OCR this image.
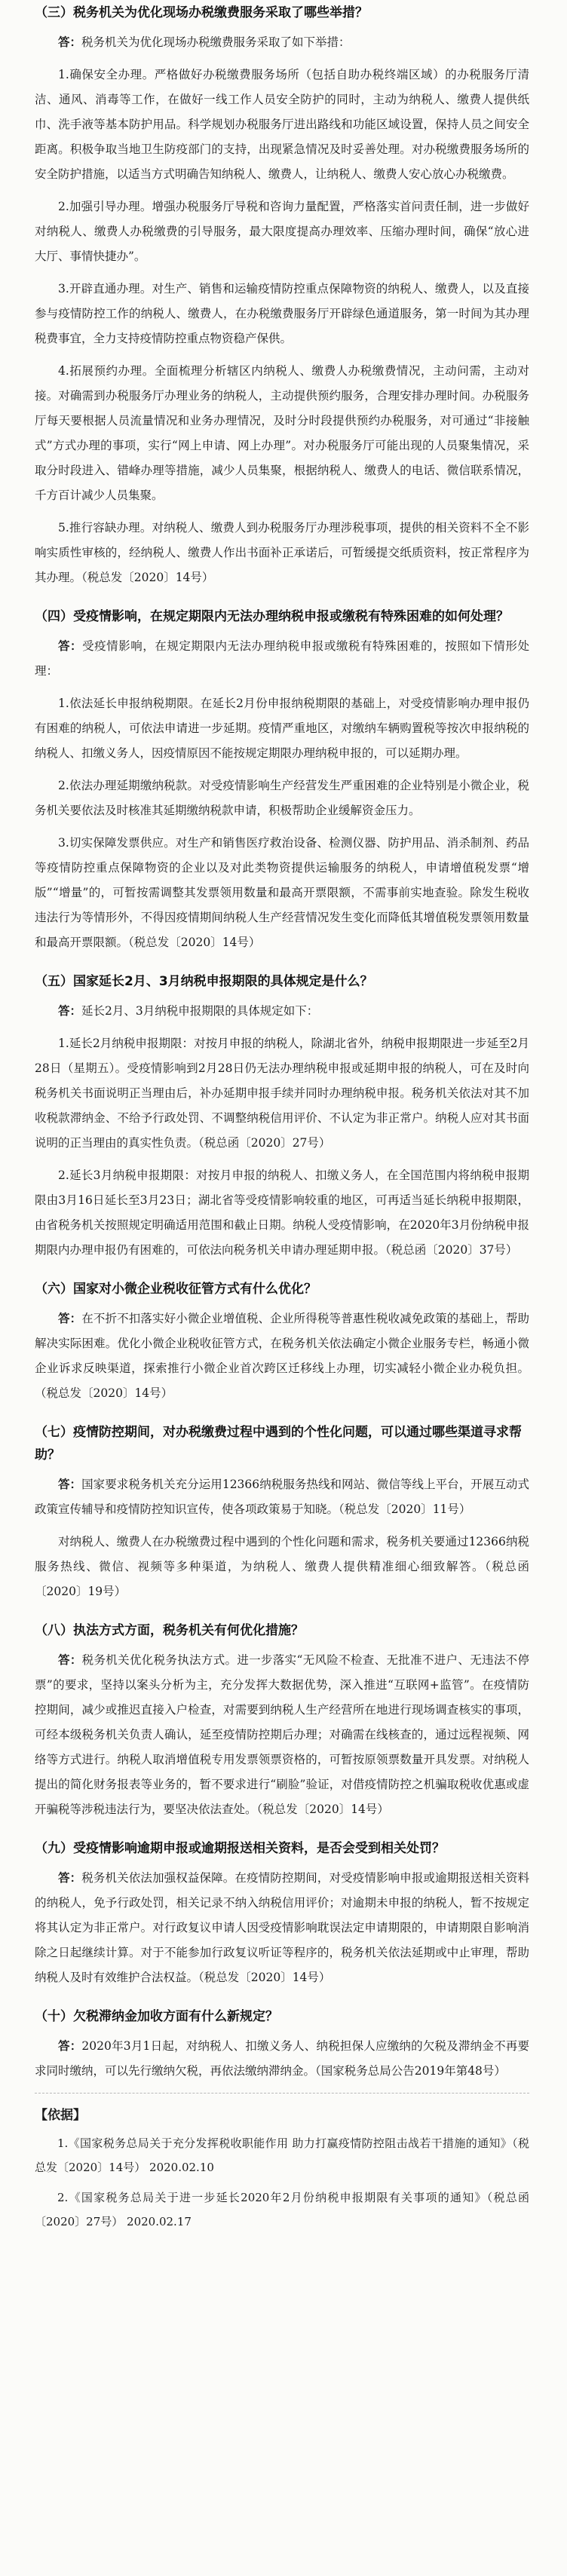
（三）税务机关为优化现场办税缴费服务采取了哪些举措？

答：税务机关为优化现场办税缴费服务采取了如下举措：

1.确保安全办理。严格做好办税缴费服务场所（包括自助办税终端区域）的办税服务厅清洁、通风、消毒等工作，在做好一线工作人员安全防护的同时，主动为纳税人、缴费人提供纸巾、洗手液等基本防护用品。科学规划办税服务厅进出路线和功能区域设置，保持人员之间安全距离。积极争取当地卫生防疫部门的支持，出现紧急情况及时妥善处理。对办税缴费服务场所的安全防护措施，以适当方式明确告知纳税人、缴费人，让纳税人、缴费人安心放心办税缴费。

2.加强引导办理。增强办税服务厅导税和咨询力量配置，严格落实首问责任制，进一步做好对纳税人、缴费人办税缴费的引导服务，最大限度提高办理效率、压缩办理时间，确保“放心进大厅、事情快捷办”。

3.开辟直通办理。对生产、销售和运输疫情防控重点保障物资的纳税人、缴费人，以及直接参与疫情防控工作的纳税人、缴费人，在办税缴费服务厅开辟绿色通道服务，第一时间为其办理税费事宜，全力支持疫情防控重点物资稳产保供。

4.拓展预约办理。全面梳理分析辖区内纳税人、缴费人办税缴费情况，主动问需，主动对接。对确需到办税服务厅办理业务的纳税人，主动提供预约服务，合理安排办理时间。办税服务厅每天要根据人员流量情况和业务办理情况，及时分时段提供预约办税服务，对可通过“非接触式”方式办理的事项，实行“网上申请、网上办理”。对办税服务厅可能出现的人员聚集情况，采取分时段进入、错峰办理等措施，减少人员集聚，根据纳税人、缴费人的电话、微信联系情况，千方百计减少人员集聚。

5.推行容缺办理。对纳税人、缴费人到办税服务厅办理涉税事项，提供的相关资料不全不影响实质性审核的，经纳税人、缴费人作出书面补正承诺后，可暂缓提交纸质资料，按正常程序为其办理。（税总发〔2020〕14号）

（四）受疫情影响，在规定期限内无法办理纳税申报或缴税有特殊困难的如何处理？

答：受疫情影响，在规定期限内无法办理纳税申报或缴税有特殊困难的，按照如下情形处理：

1.依法延长申报纳税期限。在延长2月份申报纳税期限的基础上，对受疫情影响办理申报仍有困难的纳税人，可依法申请进一步延期。疫情严重地区，对缴纳车辆购置税等按次申报纳税的纳税人、扣缴义务人，因疫情原因不能按规定期限办理纳税申报的，可以延期办理。

2.依法办理延期缴纳税款。对受疫情影响生产经营发生严重困难的企业特别是小微企业，税务机关要依法及时核准其延期缴纳税款申请，积极帮助企业缓解资金压力。

3.切实保障发票供应。对生产和销售医疗救治设备、检测仪器、防护用品、消杀制剂、药品等疫情防控重点保障物资的企业以及对此类物资提供运输服务的纳税人，申请增值税发票“增版”“增量”的，可暂按需调整其发票领用数量和最高开票限额，不需事前实地查验。除发生税收违法行为等情形外，不得因疫情期间纳税人生产经营情况发生变化而降低其增值税发票领用数量和最高开票限额。（税总发〔2020〕14号）

（五）国家延长2月、3月纳税申报期限的具体规定是什么？

答：延长2月、3月纳税申报期限的具体规定如下：

1.延长2月纳税申报期限：对按月申报的纳税人，除湖北省外，纳税申报期限进一步延至2月28日（星期五）。受疫情影响到2月28日仍无法办理纳税申报或延期申报的纳税人，可在及时向税务机关书面说明正当理由后，补办延期申报手续并同时办理纳税申报。税务机关依法对其不加收税款滞纳金、不给予行政处罚、不调整纳税信用评价、不认定为非正常户。纳税人应对其书面说明的正当理由的真实性负责。（税总函〔2020〕27号）

2.延长3月纳税申报期限：对按月申报的纳税人、扣缴义务人，在全国范围内将纳税申报期限由3月16日延长至3月23日；湖北省等受疫情影响较重的地区，可再适当延长纳税申报期限，由省税务机关按照规定明确适用范围和截止日期。纳税人受疫情影响，在2020年3月份纳税申报期限内办理申报仍有困难的，可依法向税务机关申请办理延期申报。（税总函〔2020〕37号）

（六）国家对小微企业税收征管方式有什么优化？

答：在不折不扣落实好小微企业增值税、企业所得税等普惠性税收减免政策的基础上，帮助解决实际困难。优化小微企业税收征管方式，在税务机关依法确定小微企业服务专栏，畅通小微企业诉求反映渠道，探索推行小微企业首次跨区迁移线上办理，切实减轻小微企业办税负担。（税总发〔2020〕14号）

（七）疫情防控期间，对办税缴费过程中遇到的个性化问题，可以通过哪些渠道寻求帮助？

答：国家要求税务机关充分运用12366纳税服务热线和网站、微信等线上平台，开展互动式政策宣传辅导和疫情防控知识宣传，使各项政策易于知晓。（税总发〔2020〕11号）

对纳税人、缴费人在办税缴费过程中遇到的个性化问题和需求，税务机关要通过12366纳税服务热线、微信、视频等多种渠道，为纳税人、缴费人提供精准细心细致解答。（税总函〔2020〕19号）

（八）执法方式方面，税务机关有何优化措施？

答：税务机关优化税务执法方式。进一步落实“无风险不检查、无批准不进户、无违法不停票”的要求，坚持以案头分析为主，充分发挥大数据优势，深入推进“互联网+监管”。在疫情防控期间，减少或推迟直接入户检查，对需要到纳税人生产经营所在地进行现场调查核实的事项，可经本级税务机关负责人确认，延至疫情防控期后办理；对确需在线核查的，通过远程视频、网络等方式进行。纳税人取消增值税专用发票领票资格的，可暂按原领票数量开具发票。对纳税人提出的简化财务报表等业务的，暂不要求进行“刷脸”验证，对借疫情防控之机骗取税收优惠或虚开骗税等涉税违法行为，要坚决依法查处。（税总发〔2020〕14号）

（九）受疫情影响逾期申报或逾期报送相关资料，是否会受到相关处罚？

答：税务机关依法加强权益保障。在疫情防控期间，对受疫情影响申报或逾期报送相关资料的纳税人，免予行政处罚，相关记录不纳入纳税信用评价；对逾期未申报的纳税人，暂不按规定将其认定为非正常户。对行政复议申请人因受疫情影响耽误法定申请期限的，申请期限自影响消除之日起继续计算。对于不能参加行政复议听证等程序的，税务机关依法延期或中止审理，帮助纳税人及时有效维护合法权益。（税总发〔2020〕14号）

（十）欠税滞纳金加收方面有什么新规定？

答：2020年3月1日起，对纳税人、扣缴义务人、纳税担保人应缴纳的欠税及滞纳金不再要求同时缴纳，可以先行缴纳欠税，再依法缴纳滞纳金。（国家税务总局公告2019年第48号）

【依据】

1.《国家税务总局关于充分发挥税收职能作用 助力打赢疫情防控阻击战若干措施的通知》（税总发〔2020〕14号） 2020.02.10

2.《国家税务总局关于进一步延长2020年2月份纳税申报期限有关事项的通知》（税总函〔2020〕27号） 2020.02.17
